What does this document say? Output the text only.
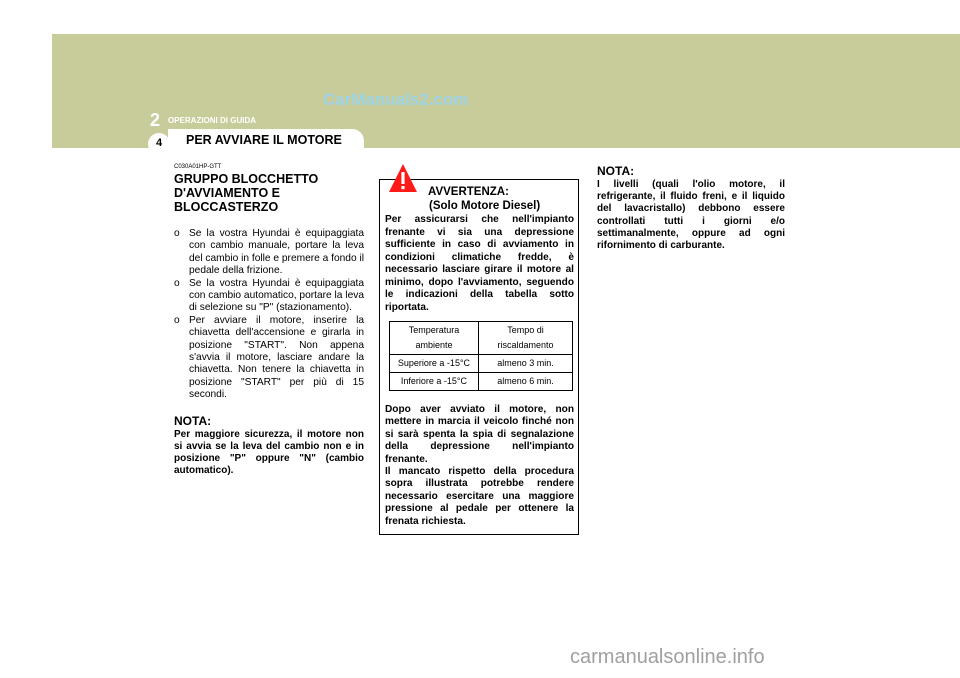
CarManuals2.com
2 OPERAZIONI DI GUIDA
4	PER AVVIARE IL MOTORE

C030A01HP-GTT

GRUPPO BLOCCHETTO D'AVVIAMENTO E BLOCCASTERZO

o Se la vostra Hyundai è equipaggiata con cambio manuale, portare la leva del cambio in folle e premere a fondo il pedale della frizione.

o Se la vostra Hyundai è equipaggiata con cambio automatico, portare la leva di selezione su "P" (stazionamento).

o Per avviare il motore, inserire la chiavetta dell'accensione e girarla in posizione "START". Non appena s'avvia il motore, lasciare andare la chiavetta. Non tenere la chiavetta in posizione "START" per più di 15 secondi.

NOTA:

Per maggiore sicurezza, il motore non si avvia se la leva del cambio non e in posizione "P" oppure "N" (cambio automatico).

AVVERTENZA:
(Solo Motore Diesel)

Per assicurarsi che nell'impianto frenante vi sia una depressione sufficiente in caso di avviamento in condizioni climatiche fredde, è necessario lasciare girare il motore al minimo, dopo l'avviamento, seguendo le indicazioni della tabella sotto riportata.

Temperatura ambiente	Tempo di riscaldamento
Superiore a -15°C	almeno 3 min.
Inferiore a -15°C	almeno 6 min.
Dopo aver avviato il motore, non mettere in marcia il veicolo finché non si sarà spenta la spia di segnalazione della depressione nell'impianto frenante.
Il mancato rispetto della procedura sopra illustrata potrebbe rendere necessario esercitare una maggiore pressione al pedale per ottenere la frenata richiesta.

NOTA:

I livelli (quali l'olio motore, il refrigerante, il fluido freni, e il liquido del lavacristallo) debbono essere controllati tutti i giorni e/o settimanalmente, oppure ad ogni rifornimento di carburante.

carmanualsonline.info
